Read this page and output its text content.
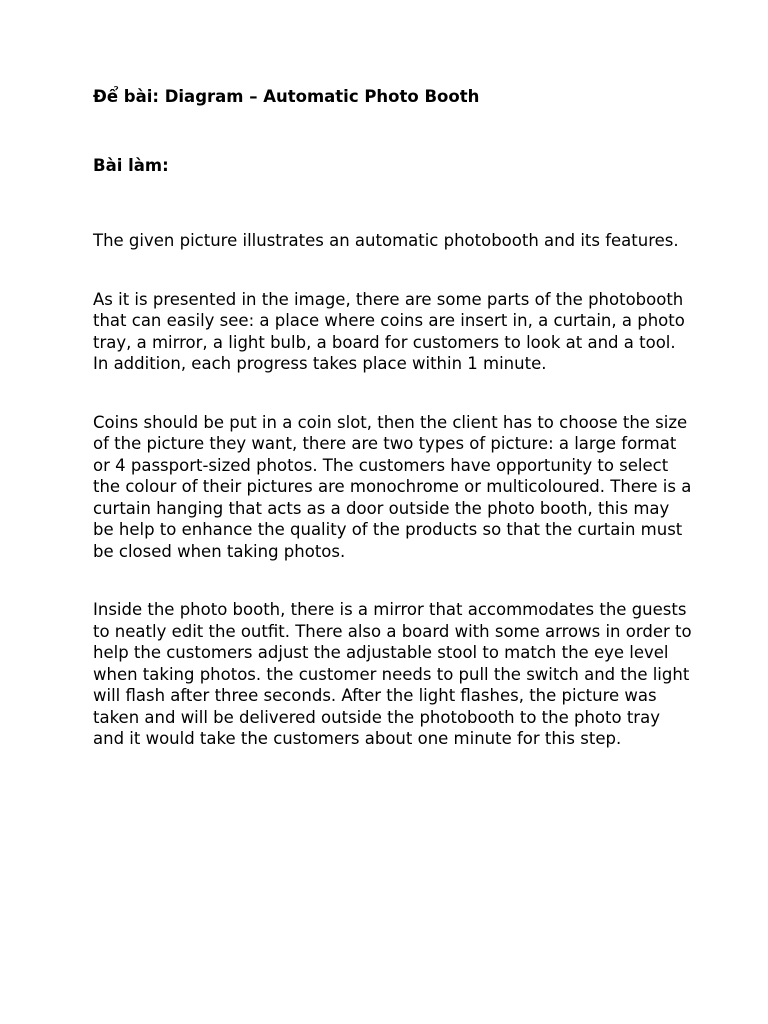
Để bài: Diagram – Automatic Photo Booth
Bài làm:

The given picture illustrates an automatic photobooth and its features.

As it is presented in the image, there are some parts of the photobooth that can easily see: a place where coins are insert in, a curtain, a photo tray, a mirror, a light bulb, a board for customers to look at and a tool. In addition, each progress takes place within 1 minute.

Coins should be put in a coin slot, then the client has to choose the size of the picture they want, there are two types of picture: a large format or 4 passport-sized photos. The customers have opportunity to select the colour of their pictures are monochrome or multicoloured. There is a curtain hanging that acts as a door outside the photo booth, this may be help to enhance the quality of the products so that the curtain must be closed when taking photos.

Inside the photo booth, there is a mirror that accommodates the guests to neatly edit the outfit. There also a board with some arrows in order to help the customers adjust the adjustable stool to match the eye level when taking photos. the customer needs to pull the switch and the light will flash after three seconds. After the light flashes, the picture was taken and will be delivered outside the photobooth to the photo tray and it would take the customers about one minute for this step.
